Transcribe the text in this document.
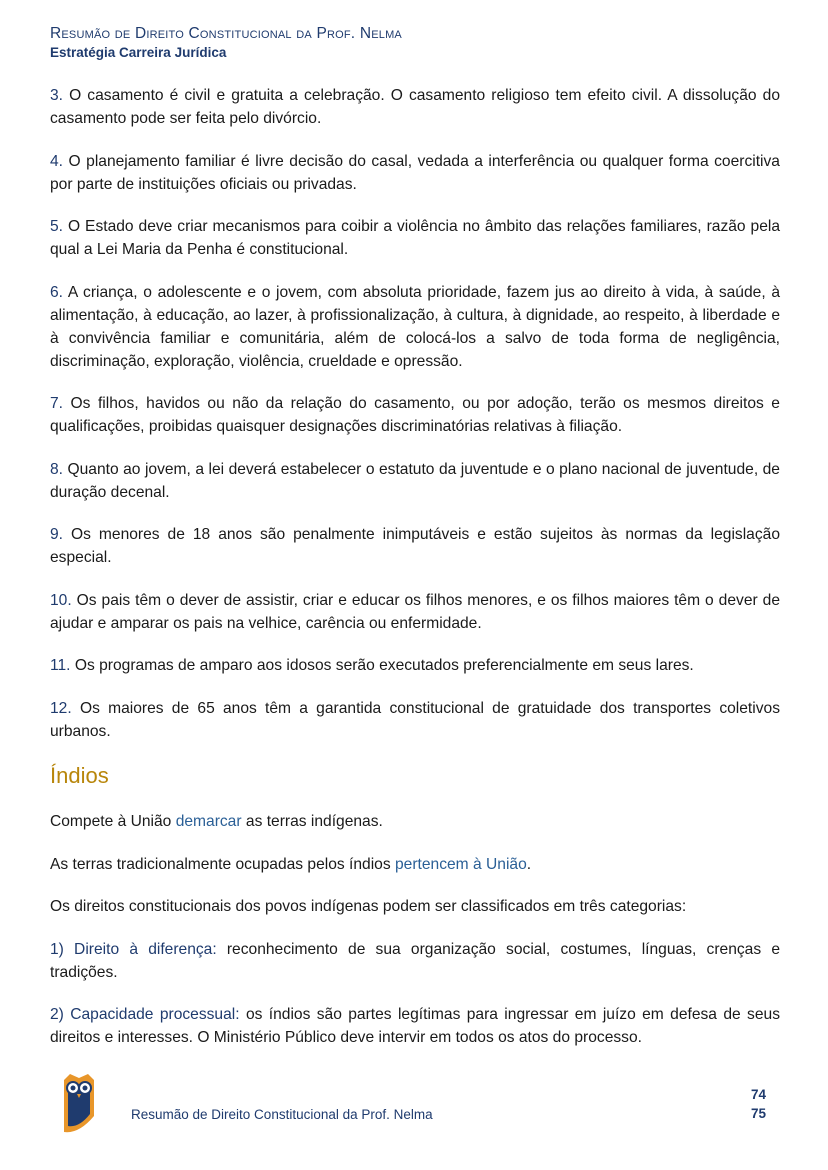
Resumão de Direito Constitucional da Prof. Nelma
Estratégia Carreira Jurídica

3. O casamento é civil e gratuita a celebração. O casamento religioso tem efeito civil. A dissolução do casamento pode ser feita pelo divórcio.

4. O planejamento familiar é livre decisão do casal, vedada a interferência ou qualquer forma coercitiva por parte de instituições oficiais ou privadas.

5. O Estado deve criar mecanismos para coibir a violência no âmbito das relações familiares, razão pela qual a Lei Maria da Penha é constitucional.

6. A criança, o adolescente e o jovem, com absoluta prioridade, fazem jus ao direito à vida, à saúde, à alimentação, à educação, ao lazer, à profissionalização, à cultura, à dignidade, ao respeito, à liberdade e à convivência familiar e comunitária, além de colocá-los a salvo de toda forma de negligência, discriminação, exploração, violência, crueldade e opressão.

7. Os filhos, havidos ou não da relação do casamento, ou por adoção, terão os mesmos direitos e qualificações, proibidas quaisquer designações discriminatórias relativas à filiação.

8. Quanto ao jovem, a lei deverá estabelecer o estatuto da juventude e o plano nacional de juventude, de duração decenal.

9. Os menores de 18 anos são penalmente inimputáveis e estão sujeitos às normas da legislação especial.

10. Os pais têm o dever de assistir, criar e educar os filhos menores, e os filhos maiores têm o dever de ajudar e amparar os pais na velhice, carência ou enfermidade.

11. Os programas de amparo aos idosos serão executados preferencialmente em seus lares.

12. Os maiores de 65 anos têm a garantida constitucional de gratuidade dos transportes coletivos urbanos.

Índios

Compete à União demarcar as terras indígenas.

As terras tradicionalmente ocupadas pelos índios pertencem à União.

Os direitos constitucionais dos povos indígenas podem ser classificados em três categorias:

1) Direito à diferença: reconhecimento de sua organização social, costumes, línguas, crenças e tradições.

2) Capacidade processual: os índios são partes legítimas para ingressar em juízo em defesa de seus direitos e interesses. O Ministério Público deve intervir em todos os atos do processo.

Resumão de Direito Constitucional da Prof. Nelma
74
75
